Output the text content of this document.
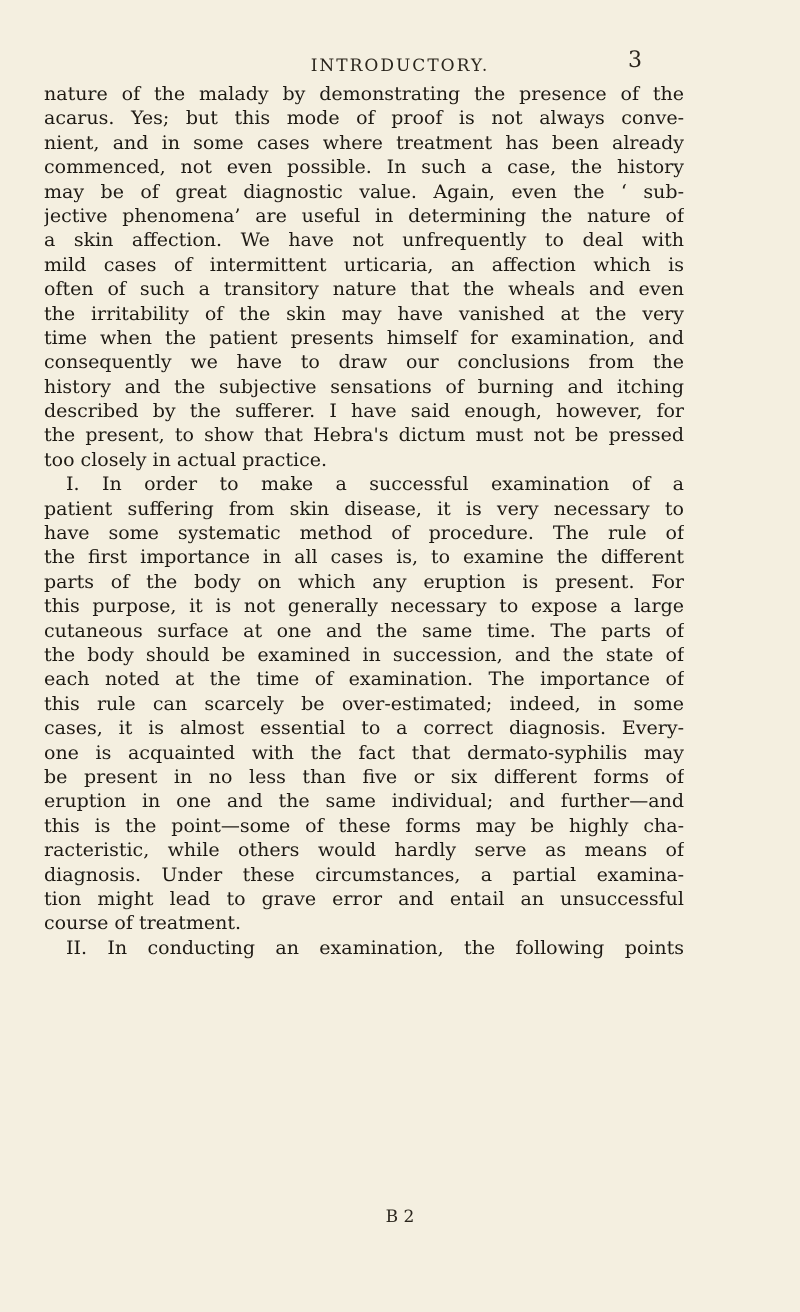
INTRODUCTORY.	3
nature of the malady by demonstrating the presence of the
acarus. Yes; but this mode of proof is not always conve-
nient, and in some cases where treatment has been already
commenced, not even possible. In such a case, the history
may be of great diagnostic value. Again, even the ‘ sub-
jective phenomena’ are useful in determining the nature of
a skin affection. We have not unfrequently to deal with
mild cases of intermittent urticaria, an affection which is
often of such a transitory nature that the wheals and even
the irritability of the skin may have vanished at the very
time when the patient presents himself for examination, and
consequently we have to draw our conclusions from the
history and the subjective sensations of burning and itching
described by the sufferer. I have said enough, however, for
the present, to show that Hebra's dictum must not be pressed
too closely in actual practice.
I. In order to make a successful examination of a
patient suffering from skin disease, it is very necessary to
have some systematic method of procedure. The rule of
the first importance in all cases is, to examine the different
parts of the body on which any eruption is present. For
this purpose, it is not generally necessary to expose a large
cutaneous surface at one and the same time. The parts of
the body should be examined in succession, and the state of
each noted at the time of examination. The importance of
this rule can scarcely be over-estimated; indeed, in some
cases, it is almost essential to a correct diagnosis. Every-
one is acquainted with the fact that dermato-syphilis may
be present in no less than five or six different forms of
eruption in one and the same individual; and further—and
this is the point—some of these forms may be highly cha-
racteristic, while others would hardly serve as means of
diagnosis. Under these circumstances, a partial examina-
tion might lead to grave error and entail an unsuccessful
course of treatment.
II. In conducting an examination, the following points
B 2
